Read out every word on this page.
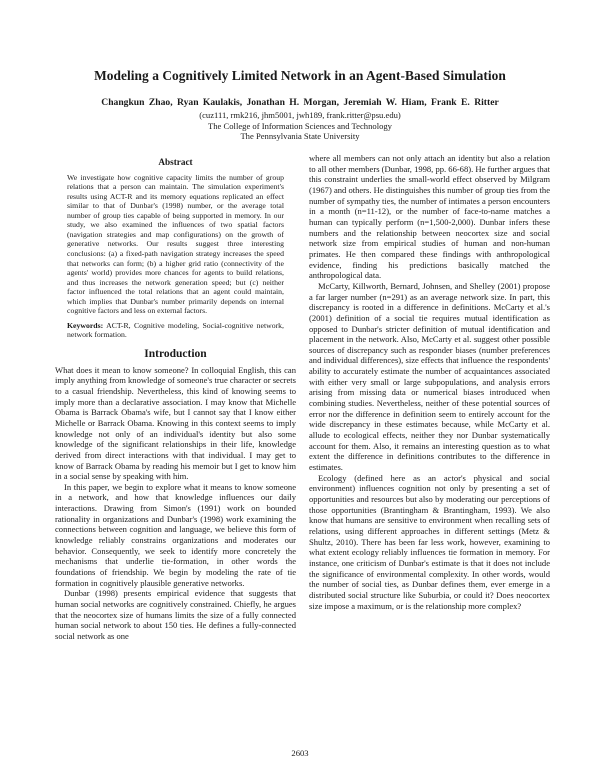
Modeling a Cognitively Limited Network in an Agent-Based Simulation
Changkun Zhao, Ryan Kaulakis, Jonathan H. Morgan, Jeremiah W. Hiam, Frank E. Ritter
(cuz111, rmk216, jhm5001, jwh189, frank.ritter@psu.edu)
The College of Information Sciences and Technology
The Pennsylvania State University
Abstract
We investigate how cognitive capacity limits the number of group relations that a person can maintain. The simulation experiment's results using ACT-R and its memory equations replicated an effect similar to that of Dunbar's (1998) number, or the average total number of group ties capable of being supported in memory. In our study, we also examined the influences of two spatial factors (navigation strategies and map configurations) on the growth of generative networks. Our results suggest three interesting conclusions: (a) a fixed-path navigation strategy increases the speed that networks can form; (b) a higher grid ratio (connectivity of the agents' world) provides more chances for agents to build relations, and thus increases the network generation speed; but (c) neither factor influenced the total relations that an agent could maintain, which implies that Dunbar's number primarily depends on internal cognitive factors and less on external factors.
Keywords: ACT-R, Cognitive modeling, Social-cognitive network, network formation.
Introduction

What does it mean to know someone? In colloquial English, this can imply anything from knowledge of someone's true character or secrets to a casual friendship. Nevertheless, this kind of knowing seems to imply more than a declarative association. I may know that Michelle Obama is Barrack Obama's wife, but I cannot say that I know either Michelle or Barrack Obama. Knowing in this context seems to imply knowledge not only of an individual's identity but also some knowledge of the significant relationships in their life, knowledge derived from direct interactions with that individual. I may get to know of Barrack Obama by reading his memoir but I get to know him in a social sense by speaking with him.

In this paper, we begin to explore what it means to know someone in a network, and how that knowledge influences our daily interactions. Drawing from Simon's (1991) work on bounded rationality in organizations and Dunbar's (1998) work examining the connections between cognition and language, we believe this form of knowledge reliably constrains organizations and moderates our behavior. Consequently, we seek to identify more concretely the mechanisms that underlie tie-formation, in other words the foundations of friendship. We begin by modeling the rate of tie formation in cognitively plausible generative networks.

Dunbar (1998) presents empirical evidence that suggests that human social networks are cognitively constrained. Chiefly, he argues that the neocortex size of humans limits the size of a fully connected human social network to about 150 ties. He defines a fully-connected social network as one

where all members can not only attach an identity but also a relation to all other members (Dunbar, 1998, pp. 66-68). He further argues that this constraint underlies the small-world effect observed by Milgram (1967) and others. He distinguishes this number of group ties from the number of sympathy ties, the number of intimates a person encounters in a month (n=11-12), or the number of face-to-name matches a human can typically perform (n=1,500-2,000). Dunbar infers these numbers and the relationship between neocortex size and social network size from empirical studies of human and non-human primates. He then compared these findings with anthropological evidence, finding his predictions basically matched the anthropological data.

McCarty, Killworth, Bernard, Johnsen, and Shelley (2001) propose a far larger number (n=291) as an average network size. In part, this discrepancy is rooted in a difference in definitions. McCarty et al.'s (2001) definition of a social tie requires mutual identification as opposed to Dunbar's stricter definition of mutual identification and placement in the network. Also, McCarty et al. suggest other possible sources of discrepancy such as responder biases (number preferences and individual differences), size effects that influence the respondents' ability to accurately estimate the number of acquaintances associated with either very small or large subpopulations, and analysis errors arising from missing data or numerical biases introduced when combining studies. Nevertheless, neither of these potential sources of error nor the difference in definition seem to entirely account for the wide discrepancy in these estimates because, while McCarty et al. allude to ecological effects, neither they nor Dunbar systematically account for them. Also, it remains an interesting question as to what extent the difference in definitions contributes to the difference in estimates.

Ecology (defined here as an actor's physical and social environment) influences cognition not only by presenting a set of opportunities and resources but also by moderating our perceptions of those opportunities (Brantingham & Brantingham, 1993). We also know that humans are sensitive to environment when recalling sets of relations, using different approaches in different settings (Metz & Shultz, 2010). There has been far less work, however, examining to what extent ecology reliably influences tie formation in memory. For instance, one criticism of Dunbar's estimate is that it does not include the significance of environmental complexity. In other words, would the number of social ties, as Dunbar defines them, ever emerge in a distributed social structure like Suburbia, or could it? Does neocortex size impose a maximum, or is the relationship more complex?

2603
